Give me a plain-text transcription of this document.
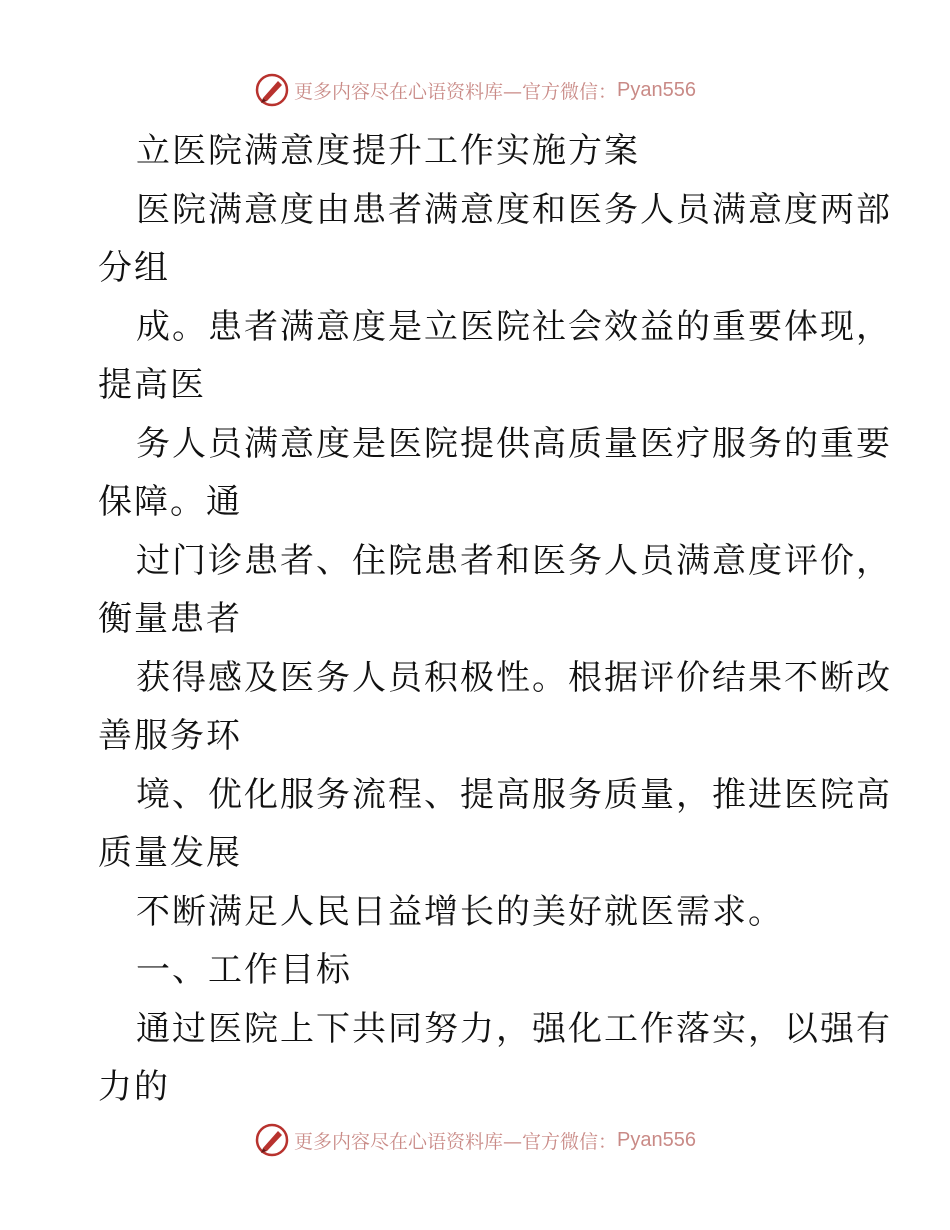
更多内容尽在心语资料库—官方微信： Pyan556
立医院满意度提升工作实施方案
医院满意度由患者满意度和医务人员满意度两部
分组
成。患者满意度是立医院社会效益的重要体现，
提高医
务人员满意度是医院提供高质量医疗服务的重要
保障。通
过门诊患者、住院患者和医务人员满意度评价，
衡量患者
获得感及医务人员积极性。根据评价结果不断改
善服务环
境、优化服务流程、提高服务质量，推进医院高
质量发展
不断满足人民日益增长的美好就医需求。
一、工作目标
通过医院上下共同努力，强化工作落实，以强有
力的
更多内容尽在心语资料库—官方微信： Pyan556
